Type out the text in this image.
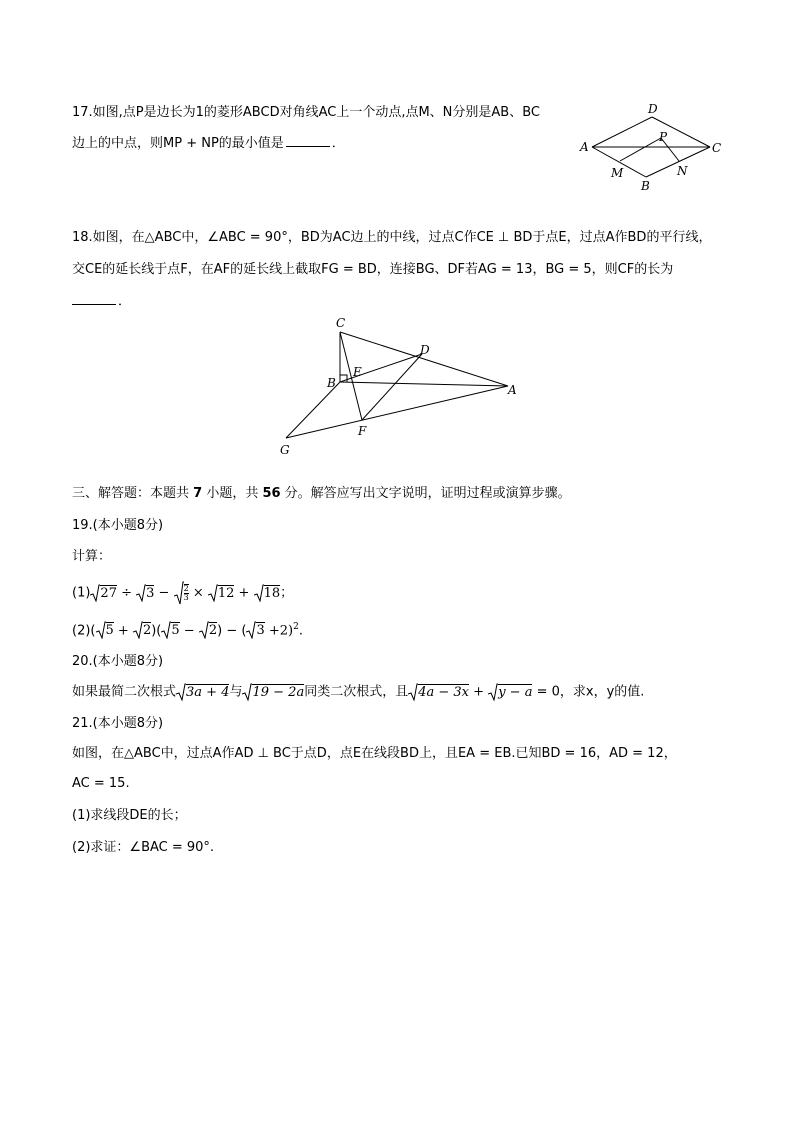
17.如图,点P是边长为1的菱形ABCD对角线AC上一个动点,点M、N分别是AB、BC
边上的中点，则MP + NP的最小值是	．
D
A	C
P
M	N
B
18.如图，在△ABC中，∠ABC = 90°，BD为AC边上的中线，过点C作CE ⊥ BD于点E，过点A作BD的平行线，
交CE的延长线于点F，在AF的延长线上截取FG = BD，连接BG、DF若AG = 13，BG = 5，则CF的长为
．
C
D
E
B	A
F
G
三、解答题：本题共 7 小题，共 56 分。解答应写出文字说明，证明过程或演算步骤。
19.(本小题8分)
计算：
(1) $27 \div 3 - \frac{2}{3} \times 12 + 18$；
(2)( 5 + 2)( 5 − 2) − ( 3 +2)$^2$.
20.(本小题8分)
如果最简二次根式 3a + 4与 19 − 2a同类二次根式，且 4a − 3x + y − a = 0，求x，y的值.
21.(本小题8分)
如图，在△ABC中，过点A作AD ⊥ BC于点D，点E在线段BD上，且EA = EB.已知BD = 16，AD = 12，
AC = 15.
(1)求线段DE的长；
(2)求证：∠BAC = 90°.
